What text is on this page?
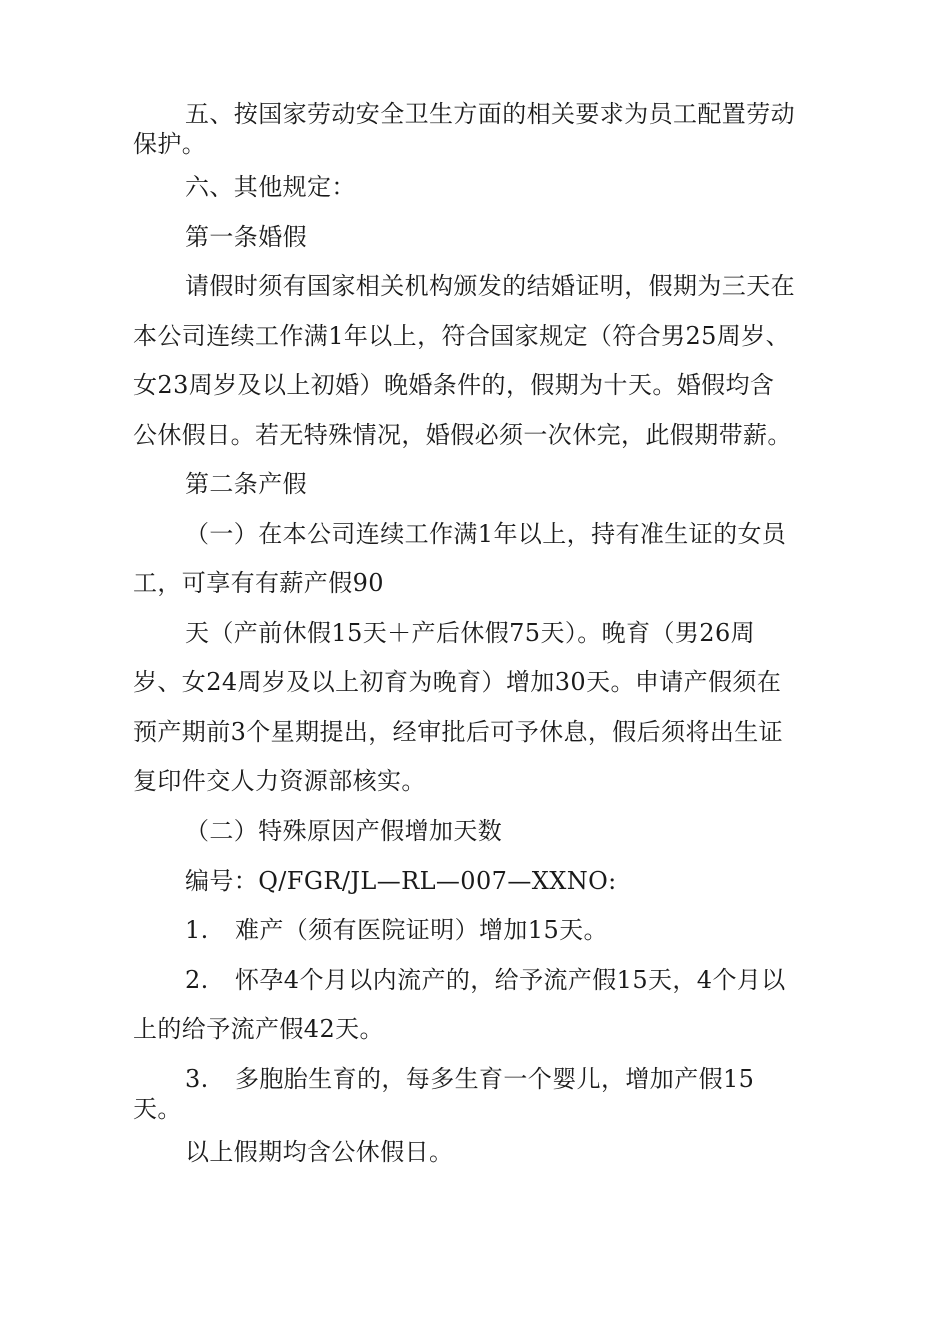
五、按国家劳动安全卫生方面的相关要求为员工配置劳动
保护。
六、其他规定：
第一条婚假
请假时须有国家相关机构颁发的结婚证明，假期为三天在
本公司连续工作满1年以上，符合国家规定（符合男25周岁、
女23周岁及以上初婚）晚婚条件的，假期为十天。婚假均含
公休假日。若无特殊情况，婚假必须一次休完，此假期带薪。
第二条产假
（一）在本公司连续工作满1年以上，持有准生证的女员
工，可享有有薪产假90
天（产前休假15天＋产后休假75天）。晚育（男26周
岁、女24周岁及以上初育为晚育）增加30天。申请产假须在
预产期前3个星期提出，经审批后可予休息，假后须将出生证
复印件交人力资源部核实。
（二）特殊原因产假增加天数
编号：Q/FGR/JL—RL—007—XXNO:
1. 难产（须有医院证明）增加15天。
2. 怀孕4个月以内流产的，给予流产假15天，4个月以
上的给予流产假42天。
3. 多胞胎生育的，每多生育一个婴儿，增加产假15
天。
以上假期均含公休假日。
